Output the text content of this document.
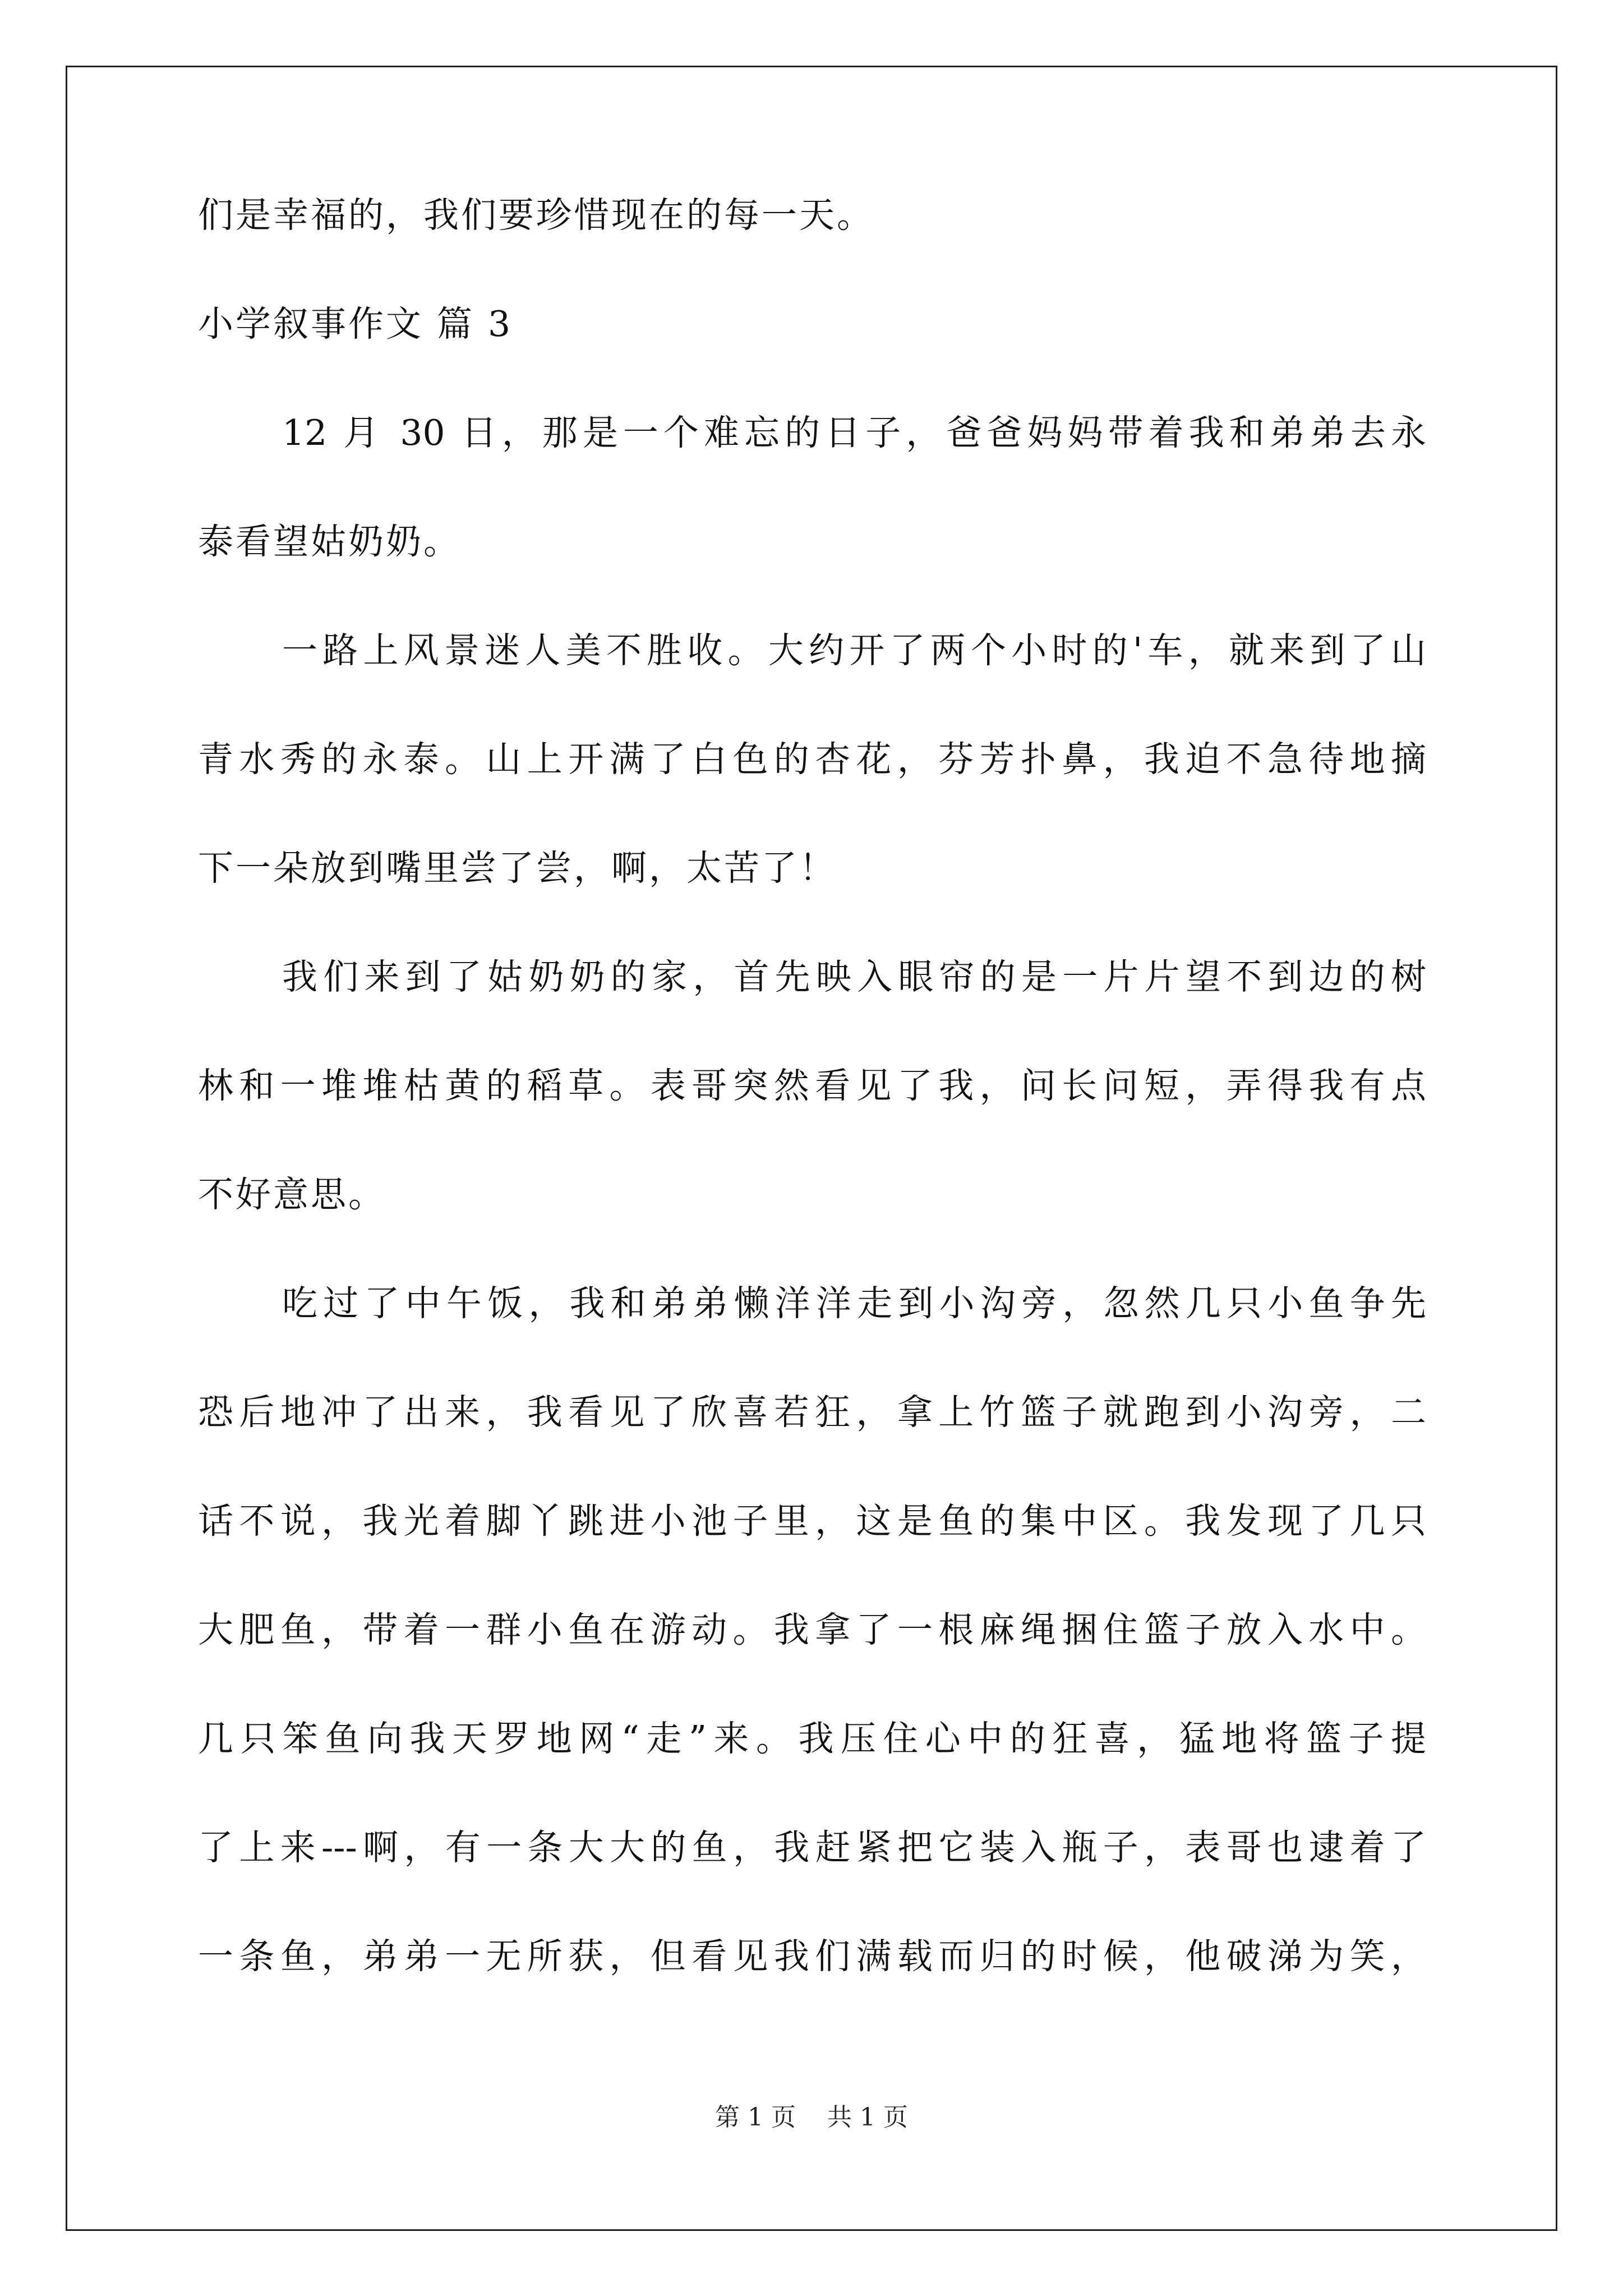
们是幸福的，我们要珍惜现在的每一天。
小学叙事作文 篇 3
12 月 30 日，那是一个难忘的日子，爸爸妈妈带着我和弟弟去永
泰看望姑奶奶。
一路上风景迷人美不胜收。大约开了两个小时的'车，就来到了山
青水秀的永泰。山上开满了白色的杏花，芬芳扑鼻，我迫不急待地摘
下一朵放到嘴里尝了尝，啊，太苦了！
我们来到了姑奶奶的家，首先映入眼帘的是一片片望不到边的树
林和一堆堆枯黄的稻草。表哥突然看见了我，问长问短，弄得我有点
不好意思。
吃过了中午饭，我和弟弟懒洋洋走到小沟旁，忽然几只小鱼争先
恐后地冲了出来，我看见了欣喜若狂，拿上竹篮子就跑到小沟旁，二
话不说，我光着脚丫跳进小池子里，这是鱼的集中区。我发现了几只
大肥鱼，带着一群小鱼在游动。我拿了一根麻绳捆住篮子放入水中。
几只笨鱼向我天罗地网“走”来。我压住心中的狂喜，猛地将篮子提
了上来---啊，有一条大大的鱼，我赶紧把它装入瓶子，表哥也逮着了
一条鱼，弟弟一无所获，但看见我们满载而归的时候，他破涕为笑，
第 1 页 共 1 页
